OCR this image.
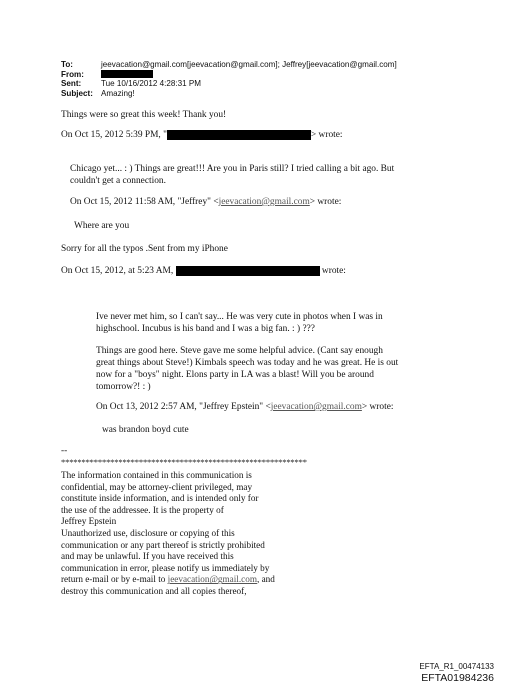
To:	jeevacation@gmail.com[jeevacation@gmail.com]; Jeffrey[jeevacation@gmail.com]
From:
Sent:	Tue 10/16/2012 4:28:31 PM
Subject: Amazing!
Things were so great this week! Thank you!
On Oct 15, 2012 5:39 PM, "	> wrote:
Chicago yet... : ) Things are great!!! Are you in Paris still? I tried calling a bit ago. But
couldn't get a connection.
On Oct 15, 2012 11:58 AM, "Jeffrey" <jeevacation@gmail.com> wrote:
Where are you
Sorry for all the typos .Sent from my iPhone
On Oct 15, 2012, at 5:23 AM,	wrote:
Ive never met him, so I can't say... He was very cute in photos when I was in
highschool. Incubus is his band and I was a big fan. : ) ???
Things are good here. Steve gave me some helpful advice. (Cant say enough
great things about Steve!) Kimbals speech was today and he was great. He is out
now for a "boys" night. Elons party in LA was a blast! Will you be around
tomorrow?! : )
On Oct 13, 2012 2:57 AM, "Jeffrey Epstein" <jeevacation@gmail.com> wrote:
was brandon boyd cute
--
************************************************************
The information contained in this communication is
confidential, may be attorney-client privileged, may
constitute inside information, and is intended only for
the use of the addressee. It is the property of
Jeffrey Epstein
Unauthorized use, disclosure or copying of this
communication or any part thereof is strictly prohibited
and may be unlawful. If you have received this
communication in error, please notify us immediately by
return e-mail or by e-mail to jeevacation@gmail.com, and
destroy this communication and all copies thereof,
EFTA_R1_00474133
EFTA01984236
